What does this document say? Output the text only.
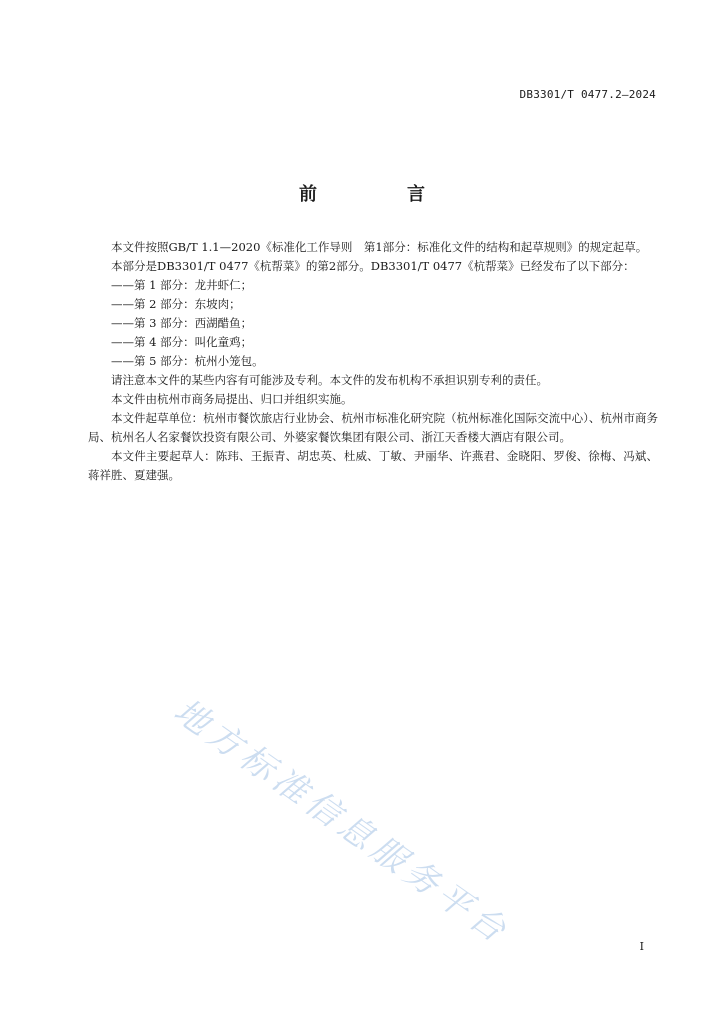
DB3301/T 0477.2—2024
前　言

本文件按照GB/T 1.1—2020《标准化工作导则　第1部分：标准化文件的结构和起草规则》的规定起草。

本部分是DB3301/T 0477《杭帮菜》的第2部分。DB3301/T 0477《杭帮菜》已经发布了以下部分：

——第 1 部分：龙井虾仁；

——第 2 部分：东坡肉；

——第 3 部分：西湖醋鱼；

——第 4 部分：叫化童鸡；

——第 5 部分：杭州小笼包。

请注意本文件的某些内容有可能涉及专利。本文件的发布机构不承担识别专利的责任。

本文件由杭州市商务局提出、归口并组织实施。

本文件起草单位：杭州市餐饮旅店行业协会、杭州市标准化研究院（杭州标准化国际交流中心）、杭州市商务局、杭州名人名家餐饮投资有限公司、外婆家餐饮集团有限公司、浙江天香楼大酒店有限公司。

本文件主要起草人：陈玮、王振青、胡忠英、杜威、丁敏、尹丽华、许燕君、金晓阳、罗俊、徐梅、冯斌、蒋祥胜、夏建强。

地方标准信息服务平台	I
